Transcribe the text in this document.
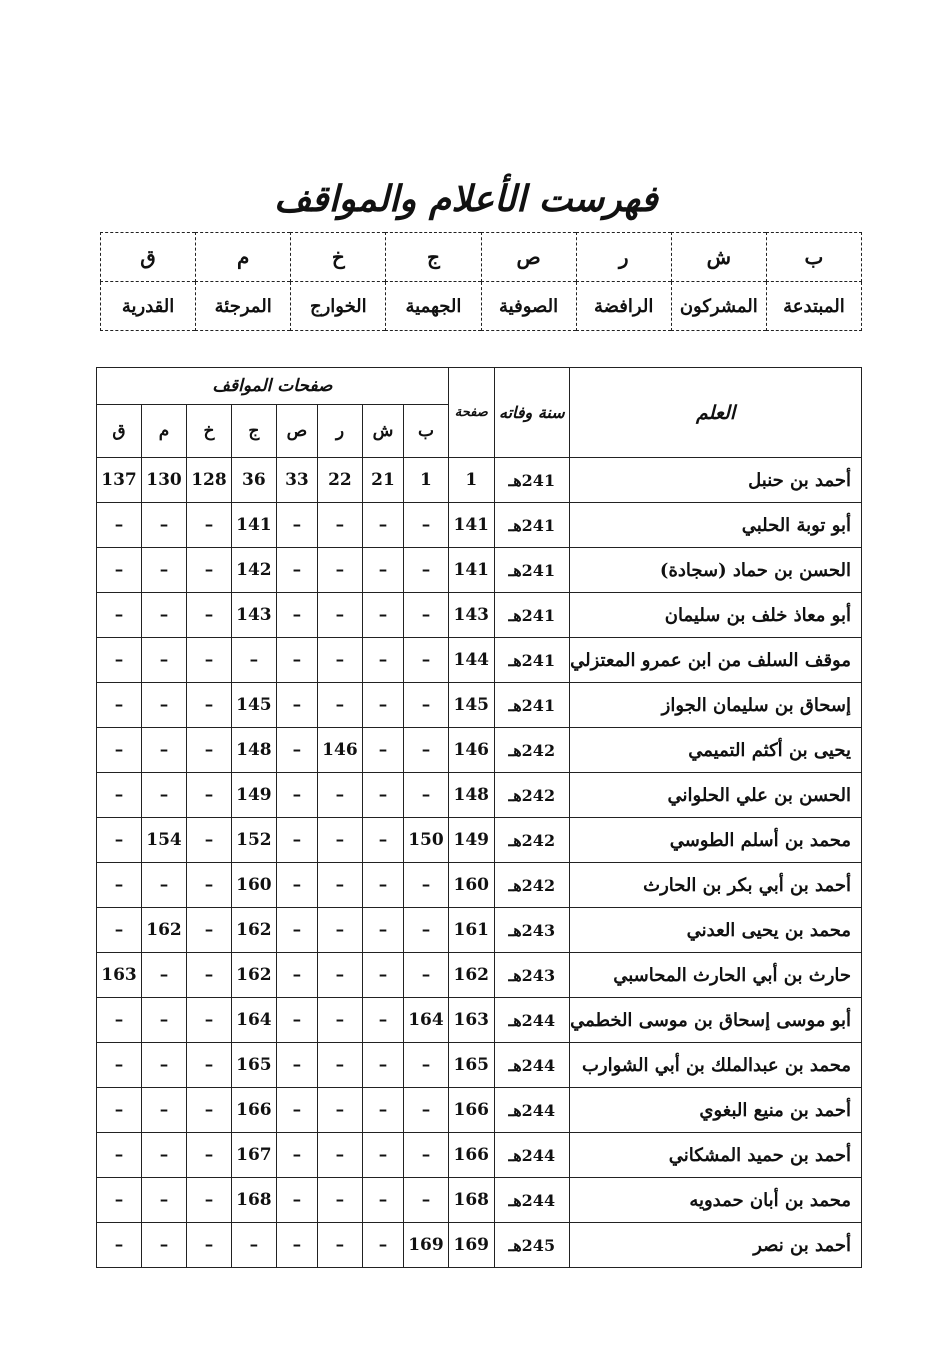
فهرست الأعلام والمواقف
ب	ش	ر	ص	ج	خ	م	ق
المبتدعة	المشركون	الرافضة	الصوفية	الجهمية	الخوارج	المرجئة	القدرية
العلم	سنة وفاته	صفحة	صفحات المواقف							
			ب	ش	ر	ص	ج	خ	م	ق
أحمد بن حنبل	241هـ	1	1	21	22	33	36	128	130	137
أبو توبة الحلبي	241هـ	141	–	–	–	–	141	–	–	–
الحسن بن حماد (سجادة)	241هـ	141	–	–	–	–	142	–	–	–
أبو معاذ خلف بن سليمان	241هـ	143	–	–	–	–	143	–	–	–
موقف السلف من ابن عمرو المعتزلي	241هـ	144	–	–	–	–	–	–	–	–
إسحاق بن سليمان الجواز	241هـ	145	–	–	–	–	145	–	–	–
يحيى بن أكثم التميمي	242هـ	146	–	–	146	–	148	–	–	–
الحسن بن علي الحلواني	242هـ	148	–	–	–	–	149	–	–	–
محمد بن أسلم الطوسي	242هـ	149	150	–	–	–	152	–	154	–
أحمد بن أبي بكر بن الحارث	242هـ	160	–	–	–	–	160	–	–	–
محمد بن يحيى العدني	243هـ	161	–	–	–	–	162	–	162	–
حارث بن أبي الحارث المحاسبي	243هـ	162	–	–	–	–	162	–	–	163
أبو موسى إسحاق بن موسى الخطمي	244هـ	163	164	–	–	–	164	–	–	–
محمد بن عبدالملك بن أبي الشوارب	244هـ	165	–	–	–	–	165	–	–	–
أحمد بن منيع البغوي	244هـ	166	–	–	–	–	166	–	–	–
أحمد بن حميد المشكاني	244هـ	166	–	–	–	–	167	–	–	–
محمد بن أبان حمدويه	244هـ	168	–	–	–	–	168	–	–	–
أحمد بن نصر	245هـ	169	169	–	–	–	–	–	–	–
